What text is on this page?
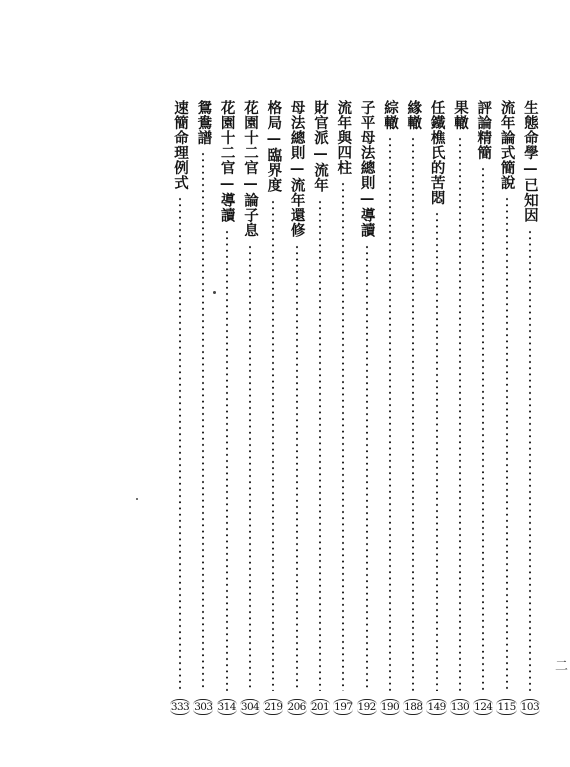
生態命學—已知因
103
流年論式簡說
115
評論精簡
124
果轍
130
任鐵樵氏的苦悶
149
緣轍
188
綜轍
190
子平母法總則—導讀
192
流年與四柱
197
財官派—流年
201
母法總則—流年還修
206
格局—臨界度
219
花園十二官—論子息
304
花園十二官—導讀
314
鴛鴦譜
303
速簡命理例式
333
二
